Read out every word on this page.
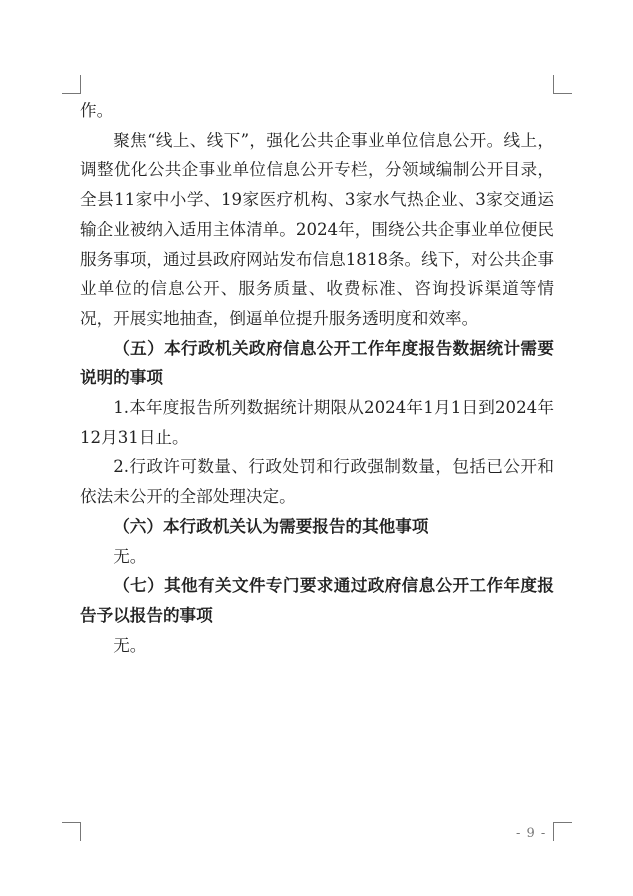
作。

聚焦“线上、线下”，强化公共企事业单位信息公开。线上，调整优化公共企事业单位信息公开专栏，分领域编制公开目录，全县11家中小学、19家医疗机构、3家水气热企业、3家交通运输企业被纳入适用主体清单。2024年，围绕公共企事业单位便民服务事项，通过县政府网站发布信息1818条。线下，对公共企事业单位的信息公开、服务质量、收费标准、咨询投诉渠道等情况，开展实地抽查，倒逼单位提升服务透明度和效率。

（五）本行政机关政府信息公开工作年度报告数据统计需要说明的事项

1.本年度报告所列数据统计期限从2024年1月1日到2024年12月31日止。

2.行政许可数量、行政处罚和行政强制数量，包括已公开和依法未公开的全部处理决定。

（六）本行政机关认为需要报告的其他事项

无。

（七）其他有关文件专门要求通过政府信息公开工作年度报告予以报告的事项

无。

- 9 -
